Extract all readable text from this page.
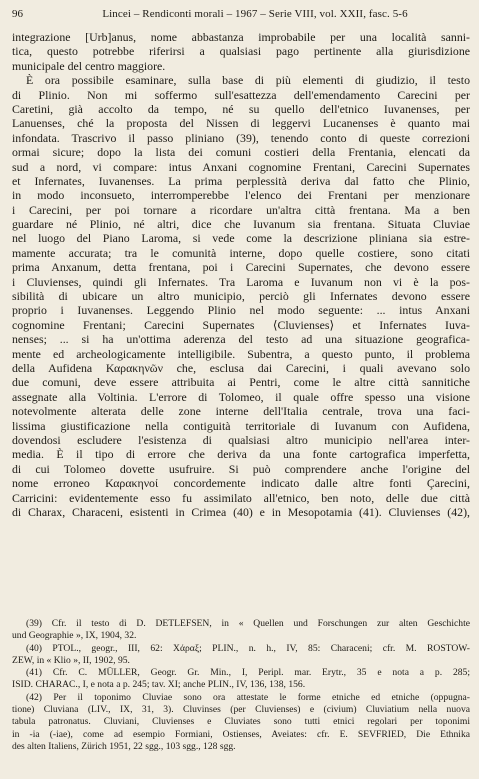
96	Lincei – Rendiconti morali – 1967 – Serie VIII, vol. XXII, fasc. 5-6
integrazione [Urb]anus, nome abbastanza improbabile per una località sanni-
tica, questo potrebbe riferirsi a qualsiasi pago pertinente alla giurisdizione
municipale del centro maggiore.
È ora possibile esaminare, sulla base di più elementi di giudizio, il testo
di Plinio. Non mi soffermo sull'esattezza dell'emendamento Carecini per
Caretini, già accolto da tempo, né su quello dell'etnico Iuvanenses, per
Lanuenses, ché la proposta del Nissen di leggervi Lucanenses è quanto mai
infondata. Trascrivo il passo pliniano (39), tenendo conto di queste correzioni
ormai sicure; dopo la lista dei comuni costieri della Frentania, elencati da
sud a nord, vi compare: intus Anxani cognomine Frentani, Carecini Supernates
et Infernates, Iuvanenses. La prima perplessità deriva dal fatto che Plinio,
in modo inconsueto, interromperebbe l'elenco dei Frentani per menzionare
i Carecini, per poi tornare a ricordare un'altra città frentana. Ma a ben
guardare né Plinio, né altri, dice che Iuvanum sia frentana. Situata Cluviae
nel luogo del Piano Laroma, si vede come la descrizione pliniana sia estre-
mamente accurata; tra le comunità interne, dopo quelle costiere, sono citati
prima Anxanum, detta frentana, poi i Carecini Supernates, che devono essere
i Cluvienses, quindi gli Infernates. Tra Laroma e Iuvanum non vi è la pos-
sibilità di ubicare un altro municipio, perciò gli Infernates devono essere
proprio i Iuvanenses. Leggendo Plinio nel modo seguente: ... intus Anxani
cognomine Frentani; Carecini Supernates ⟨Cluvienses⟩ et Infernates Iuva-
nenses; ... si ha un'ottima aderenza del testo ad una situazione geografica-
mente ed archeologicamente intelligibile. Subentra, a questo punto, il problema
della Aufidena Καρακηνῶν che, esclusa dai Carecini, i quali avevano solo
due comuni, deve essere attribuita ai Pentri, come le altre città sannitiche
assegnate alla Voltinia. L'errore di Tolomeo, il quale offre spesso una visione
notevolmente alterata delle zone interne dell'Italia centrale, trova una faci-
lissima giustificazione nella contiguità territoriale di Iuvanum con Aufidena,
dovendosi escludere l'esistenza di qualsiasi altro municipio nell'area inter-
media. È il tipo di errore che deriva da una fonte cartografica imperfetta,
di cui Tolomeo dovette usufruire. Si può comprendere anche l'origine del
nome erroneo Καρακηνοί concordemente indicato dalle altre fonti Çarecini,
Carricini: evidentemente esso fu assimilato all'etnico, ben noto, delle due città
di Charax, Characeni, esistenti in Crimea (40) e in Mesopotamia (41). Cluvienses (42),
(39) Cfr. il testo di D. DETLEFSEN, in « Quellen und Forschungen zur alten Geschichte
und Geographie », IX, 1904, 32.
(40) PTOL., geogr., III, 62: Χάραξ; PLIN., n. h., IV, 85: Characeni; cfr. M. ROSTOW-
ZEW, in « Klio », II, 1902, 95.
(41) Cfr. C. MÜLLER, Geogr. Gr. Min., I, Peripl. mar. Erytr., 35 e nota a p. 285;
ISID. CHARAC., I, e nota a p. 245; tav. XI; anche PLIN., IV, 136, 138, 156.
(42) Per il toponimo Cluviae sono ora attestate le forme etniche ed etniche (oppugna-
tione) Cluviana (LIV., IX, 31, 3). Cluvinses (per Cluvienses) e (civium) Cluviatium nella nuova
tabula patronatus. Cluviani, Cluvienses e Cluviates sono tutti etnici regolari per toponimi
in -ia (-iae), come ad esempio Formiani, Ostienses, Aveiates: cfr. E. SEVFRIED, Die Ethnika
des alten Italiens, Zürich 1951, 22 sgg., 103 sgg., 128 sgg.
